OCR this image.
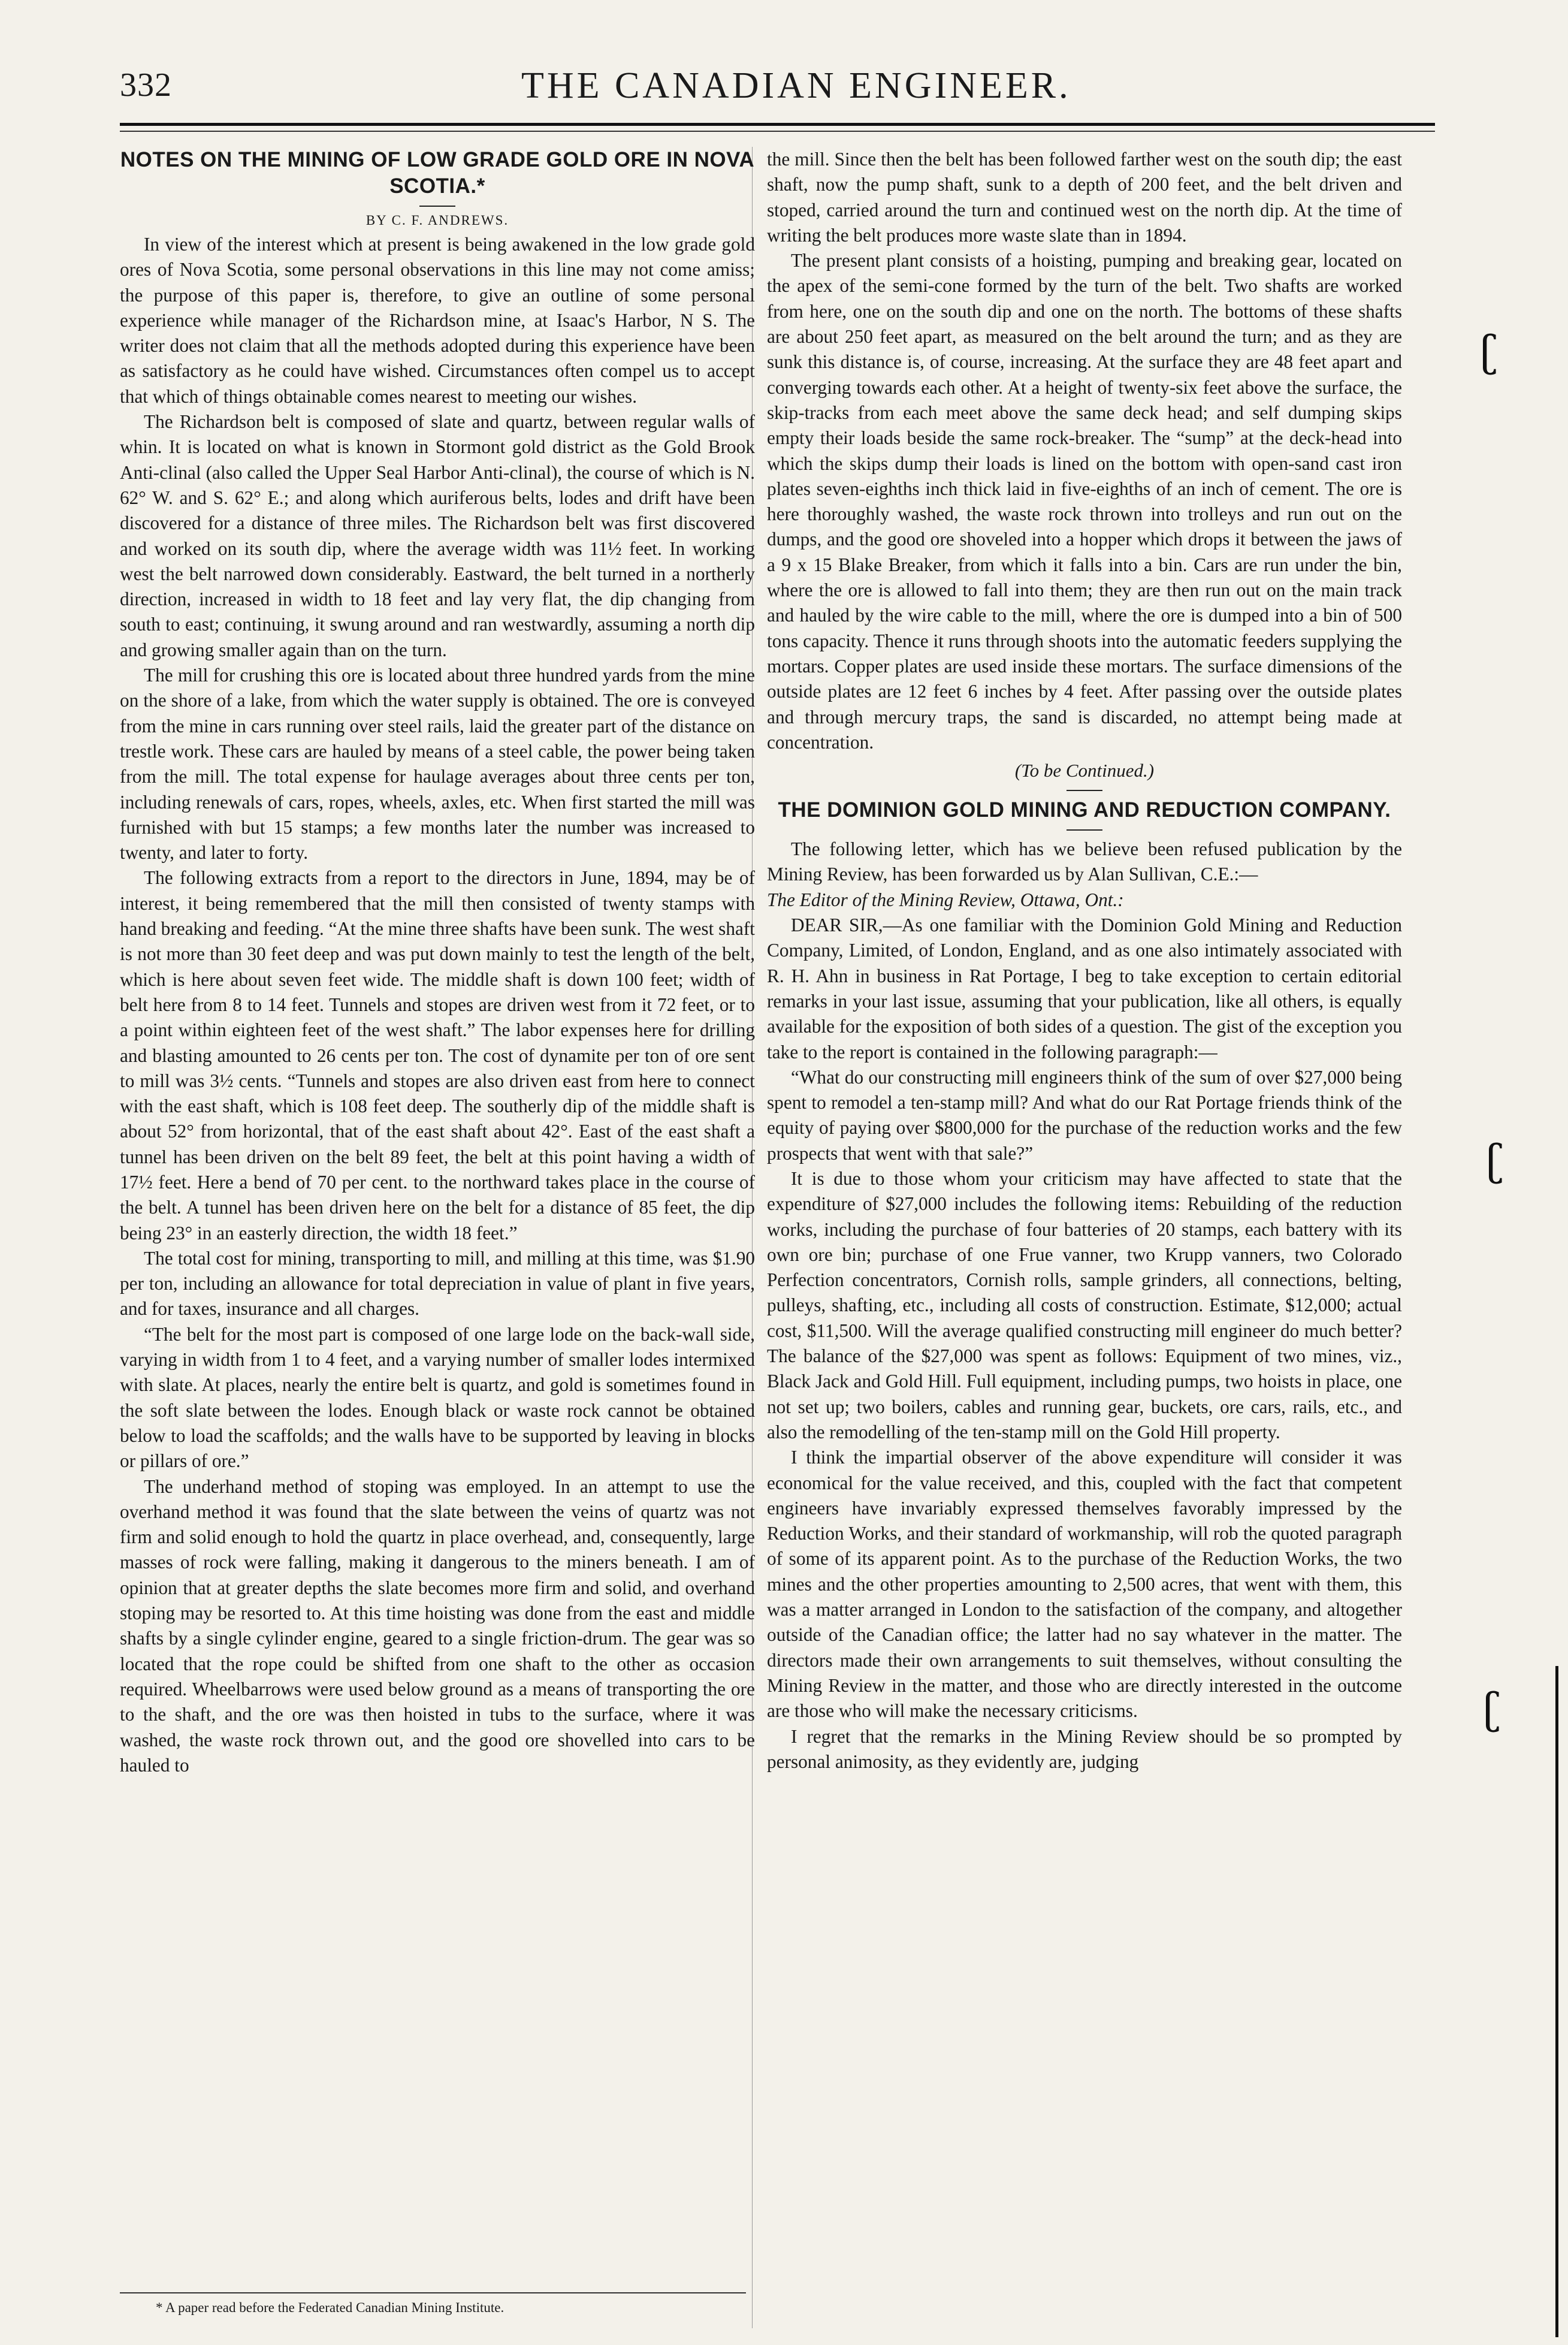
332	THE CANADIAN ENGINEER.
NOTES ON THE MINING OF LOW GRADE GOLD ORE IN NOVA SCOTIA.*
BY C. F. ANDREWS.

In view of the interest which at present is being awakened in the low grade gold ores of Nova Scotia, some personal observations in this line may not come amiss; the purpose of this paper is, therefore, to give an outline of some personal experience while manager of the Richardson mine, at Isaac's Harbor, N S. The writer does not claim that all the methods adopted during this experience have been as satisfactory as he could have wished. Circumstances often compel us to accept that which of things obtainable comes nearest to meeting our wishes.

The Richardson belt is composed of slate and quartz, between regular walls of whin. It is located on what is known in Stormont gold district as the Gold Brook Anti-clinal (also called the Upper Seal Harbor Anti-clinal), the course of which is N. 62° W. and S. 62° E.; and along which auriferous belts, lodes and drift have been discovered for a distance of three miles. The Richardson belt was first discovered and worked on its south dip, where the average width was 11½ feet. In working west the belt narrowed down considerably. Eastward, the belt turned in a northerly direction, increased in width to 18 feet and lay very flat, the dip changing from south to east; continuing, it swung around and ran westwardly, assuming a north dip and growing smaller again than on the turn.

The mill for crushing this ore is located about three hundred yards from the mine on the shore of a lake, from which the water supply is obtained. The ore is conveyed from the mine in cars running over steel rails, laid the greater part of the distance on trestle work. These cars are hauled by means of a steel cable, the power being taken from the mill. The total expense for haulage averages about three cents per ton, including renewals of cars, ropes, wheels, axles, etc. When first started the mill was furnished with but 15 stamps; a few months later the number was increased to twenty, and later to forty.

The following extracts from a report to the directors in June, 1894, may be of interest, it being remembered that the mill then consisted of twenty stamps with hand breaking and feeding. “At the mine three shafts have been sunk. The west shaft is not more than 30 feet deep and was put down mainly to test the length of the belt, which is here about seven feet wide. The middle shaft is down 100 feet; width of belt here from 8 to 14 feet. Tunnels and stopes are driven west from it 72 feet, or to a point within eighteen feet of the west shaft.” The labor expenses here for drilling and blasting amounted to 26 cents per ton. The cost of dynamite per ton of ore sent to mill was 3½ cents. “Tunnels and stopes are also driven east from here to connect with the east shaft, which is 108 feet deep. The southerly dip of the middle shaft is about 52° from horizontal, that of the east shaft about 42°. East of the east shaft a tunnel has been driven on the belt 89 feet, the belt at this point having a width of 17½ feet. Here a bend of 70 per cent. to the northward takes place in the course of the belt. A tunnel has been driven here on the belt for a distance of 85 feet, the dip being 23° in an easterly direction, the width 18 feet.”

The total cost for mining, transporting to mill, and milling at this time, was $1.90 per ton, including an allowance for total depreciation in value of plant in five years, and for taxes, insurance and all charges.

“The belt for the most part is composed of one large lode on the back-wall side, varying in width from 1 to 4 feet, and a varying number of smaller lodes intermixed with slate. At places, nearly the entire belt is quartz, and gold is sometimes found in the soft slate between the lodes. Enough black or waste rock cannot be obtained below to load the scaffolds; and the walls have to be supported by leaving in blocks or pillars of ore.”

The underhand method of stoping was employed. In an attempt to use the overhand method it was found that the slate between the veins of quartz was not firm and solid enough to hold the quartz in place overhead, and, consequently, large masses of rock were falling, making it dangerous to the miners beneath. I am of opinion that at greater depths the slate becomes more firm and solid, and overhand stoping may be resorted to. At this time hoisting was done from the east and middle shafts by a single cylinder engine, geared to a single friction-drum. The gear was so located that the rope could be shifted from one shaft to the other as occasion required. Wheelbarrows were used below ground as a means of transporting the ore to the shaft, and the ore was then hoisted in tubs to the surface, where it was washed, the waste rock thrown out, and the good ore shovelled into cars to be hauled to

* A paper read before the Federated Canadian Mining Institute.

the mill. Since then the belt has been followed farther west on the south dip; the east shaft, now the pump shaft, sunk to a depth of 200 feet, and the belt driven and stoped, carried around the turn and continued west on the north dip. At the time of writing the belt produces more waste slate than in 1894.

The present plant consists of a hoisting, pumping and breaking gear, located on the apex of the semi-cone formed by the turn of the belt. Two shafts are worked from here, one on the south dip and one on the north. The bottoms of these shafts are about 250 feet apart, as measured on the belt around the turn; and as they are sunk this distance is, of course, increasing. At the surface they are 48 feet apart and converging towards each other. At a height of twenty-six feet above the surface, the skip-tracks from each meet above the same deck head; and self dumping skips empty their loads beside the same rock-breaker. The “sump” at the deck-head into which the skips dump their loads is lined on the bottom with open-sand cast iron plates seven-eighths inch thick laid in five-eighths of an inch of cement. The ore is here thoroughly washed, the waste rock thrown into trolleys and run out on the dumps, and the good ore shoveled into a hopper which drops it between the jaws of a 9 x 15 Blake Breaker, from which it falls into a bin. Cars are run under the bin, where the ore is allowed to fall into them; they are then run out on the main track and hauled by the wire cable to the mill, where the ore is dumped into a bin of 500 tons capacity. Thence it runs through shoots into the automatic feeders supplying the mortars. Copper plates are used inside these mortars. The surface dimensions of the outside plates are 12 feet 6 inches by 4 feet. After passing over the outside plates and through mercury traps, the sand is discarded, no attempt being made at concentration.

(To be Continued.)
THE DOMINION GOLD MINING AND REDUCTION COMPANY.

The following letter, which has we believe been refused publication by the Mining Review, has been forwarded us by Alan Sullivan, C.E.:—

The Editor of the Mining Review, Ottawa, Ont.:

DEAR SIR,—As one familiar with the Dominion Gold Mining and Reduction Company, Limited, of London, England, and as one also intimately associated with R. H. Ahn in business in Rat Portage, I beg to take exception to certain editorial remarks in your last issue, assuming that your publication, like all others, is equally available for the exposition of both sides of a question. The gist of the exception you take to the report is contained in the following paragraph:—

“What do our constructing mill engineers think of the sum of over $27,000 being spent to remodel a ten-stamp mill? And what do our Rat Portage friends think of the equity of paying over $800,000 for the purchase of the reduction works and the few prospects that went with that sale?”

It is due to those whom your criticism may have affected to state that the expenditure of $27,000 includes the following items: Rebuilding of the reduction works, including the purchase of four batteries of 20 stamps, each battery with its own ore bin; purchase of one Frue vanner, two Krupp vanners, two Colorado Perfection concentrators, Cornish rolls, sample grinders, all connections, belting, pulleys, shafting, etc., including all costs of construction. Estimate, $12,000; actual cost, $11,500. Will the average qualified constructing mill engineer do much better? The balance of the $27,000 was spent as follows: Equipment of two mines, viz., Black Jack and Gold Hill. Full equipment, including pumps, two hoists in place, one not set up; two boilers, cables and running gear, buckets, ore cars, rails, etc., and also the remodelling of the ten-stamp mill on the Gold Hill property.

I think the impartial observer of the above expenditure will consider it was economical for the value received, and this, coupled with the fact that competent engineers have invariably expressed themselves favorably impressed by the Reduction Works, and their standard of workmanship, will rob the quoted paragraph of some of its apparent point. As to the purchase of the Reduction Works, the two mines and the other properties amounting to 2,500 acres, that went with them, this was a matter arranged in London to the satisfaction of the company, and altogether outside of the Canadian office; the latter had no say whatever in the matter. The directors made their own arrangements to suit themselves, without consulting the Mining Review in the matter, and those who are directly interested in the outcome are those who will make the necessary criticisms.

I regret that the remarks in the Mining Review should be so prompted by personal animosity, as they evidently are, judging

ʗ
ʗ
ʗ
